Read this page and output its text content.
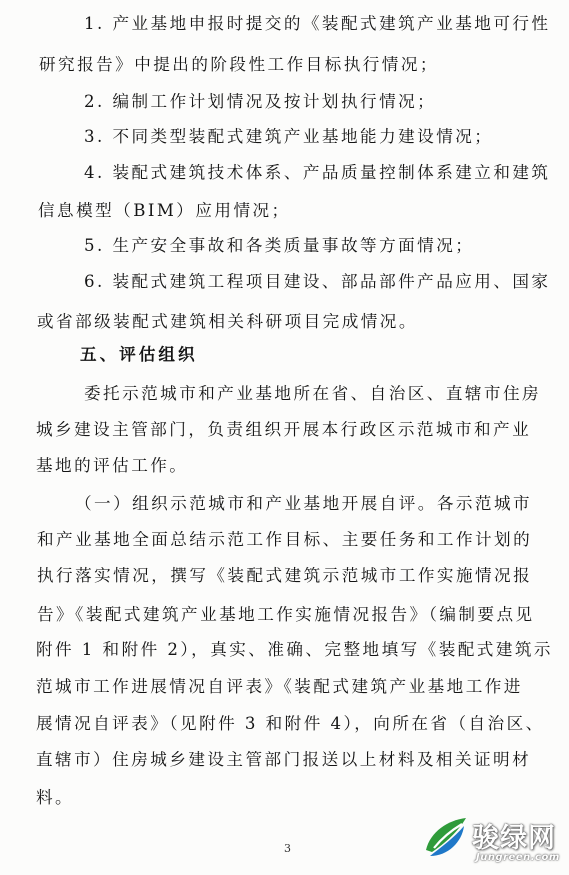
1. 产业基地申报时提交的《装配式建筑产业基地可行性

研究报告》中提出的阶段性工作目标执行情况；

2. 编制工作计划情况及按计划执行情况；

3. 不同类型装配式建筑产业基地能力建设情况；

4. 装配式建筑技术体系、产品质量控制体系建立和建筑

信息模型（BIM）应用情况；

5. 生产安全事故和各类质量事故等方面情况；

6. 装配式建筑工程项目建设、部品部件产品应用、国家

或省部级装配式建筑相关科研项目完成情况。

五、评估组织

委托示范城市和产业基地所在省、自治区、直辖市住房

城乡建设主管部门，负责组织开展本行政区示范城市和产业

基地的评估工作。

（一）组织示范城市和产业基地开展自评。各示范城市

和产业基地全面总结示范工作目标、主要任务和工作计划的

执行落实情况，撰写《装配式建筑示范城市工作实施情况报

告》《装配式建筑产业基地工作实施情况报告》（编制要点见

附件 1 和附件 2），真实、准确、完整地填写《装配式建筑示

范城市工作进展情况自评表》《装配式建筑产业基地工作进

展情况自评表》（见附件 3 和附件 4），向所在省（自治区、

直辖市）住房城乡建设主管部门报送以上材料及相关证明材

料。

3	骏绿网
Jungreen.com
